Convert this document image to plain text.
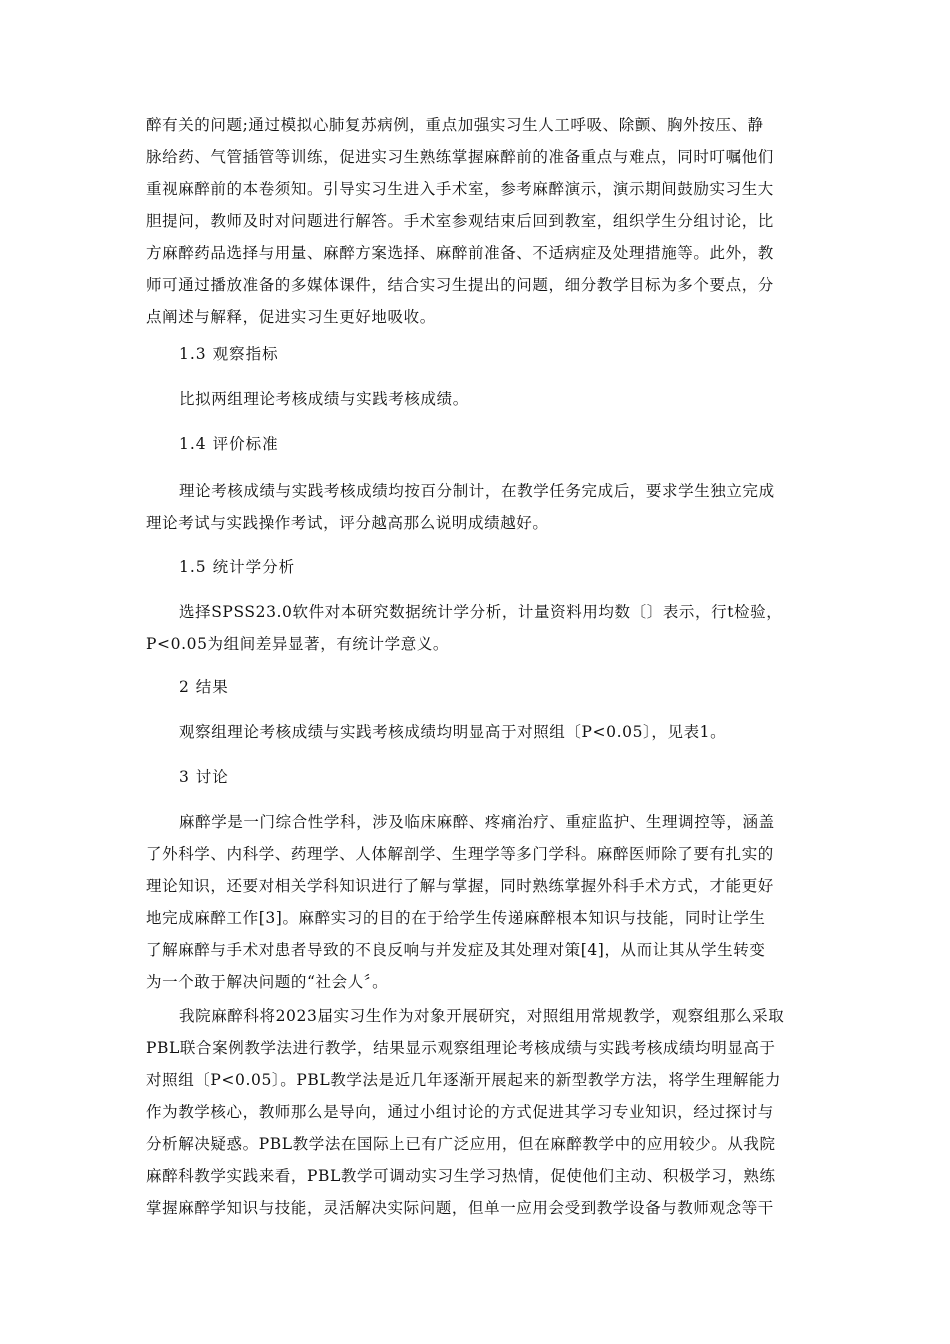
醉有关的问题;通过模拟心肺复苏病例，重点加强实习生人工呼吸、除颤、胸外按压、静
脉给药、气管插管等训练，促进实习生熟练掌握麻醉前的准备重点与难点，同时叮嘱他们
重视麻醉前的本卷须知。引导实习生进入手术室，参考麻醉演示，演示期间鼓励实习生大
胆提问，教师及时对问题进行解答。手术室参观结束后回到教室，组织学生分组讨论，比
方麻醉药品选择与用量、麻醉方案选择、麻醉前准备、不适病症及处理措施等。此外，教
师可通过播放准备的多媒体课件，结合实习生提出的问题，细分教学目标为多个要点，分
点阐述与解释，促进实习生更好地吸收。
1.3 观察指标
比拟两组理论考核成绩与实践考核成绩。
1.4 评价标准
理论考核成绩与实践考核成绩均按百分制计，在教学任务完成后，要求学生独立完成
理论考试与实践操作考试，评分越高那么说明成绩越好。
1.5 统计学分析
选择SPSS23.0软件对本研究数据统计学分析，计量资料用均数〔〕表示，行t检验，
P<0.05为组间差异显著，有统计学意义。
2 结果
观察组理论考核成绩与实践考核成绩均明显高于对照组〔P<0.05〕，见表1。
3 讨论
麻醉学是一门综合性学科，涉及临床麻醉、疼痛治疗、重症监护、生理调控等，涵盖
了外科学、内科学、药理学、人体解剖学、生理学等多门学科。麻醉医师除了要有扎实的
理论知识，还要对相关学科知识进行了解与掌握，同时熟练掌握外科手术方式，才能更好
地完成麻醉工作[3]。麻醉实习的目的在于给学生传递麻醉根本知识与技能，同时让学生
了解麻醉与手术对患者导致的不良反响与并发症及其处理对策[4]，从而让其从学生转变
为一个敢于解决问题的“社会人〞。
我院麻醉科将2023届实习生作为对象开展研究，对照组用常规教学，观察组那么采取
PBL联合案例教学法进行教学，结果显示观察组理论考核成绩与实践考核成绩均明显高于
对照组〔P<0.05〕。PBL教学法是近几年逐渐开展起来的新型教学方法，将学生理解能力
作为教学核心，教师那么是导向，通过小组讨论的方式促进其学习专业知识，经过探讨与
分析解决疑惑。PBL教学法在国际上已有广泛应用，但在麻醉教学中的应用较少。从我院
麻醉科教学实践来看，PBL教学可调动实习生学习热情，促使他们主动、积极学习，熟练
掌握麻醉学知识与技能，灵活解决实际问题，但单一应用会受到教学设备与教师观念等干
